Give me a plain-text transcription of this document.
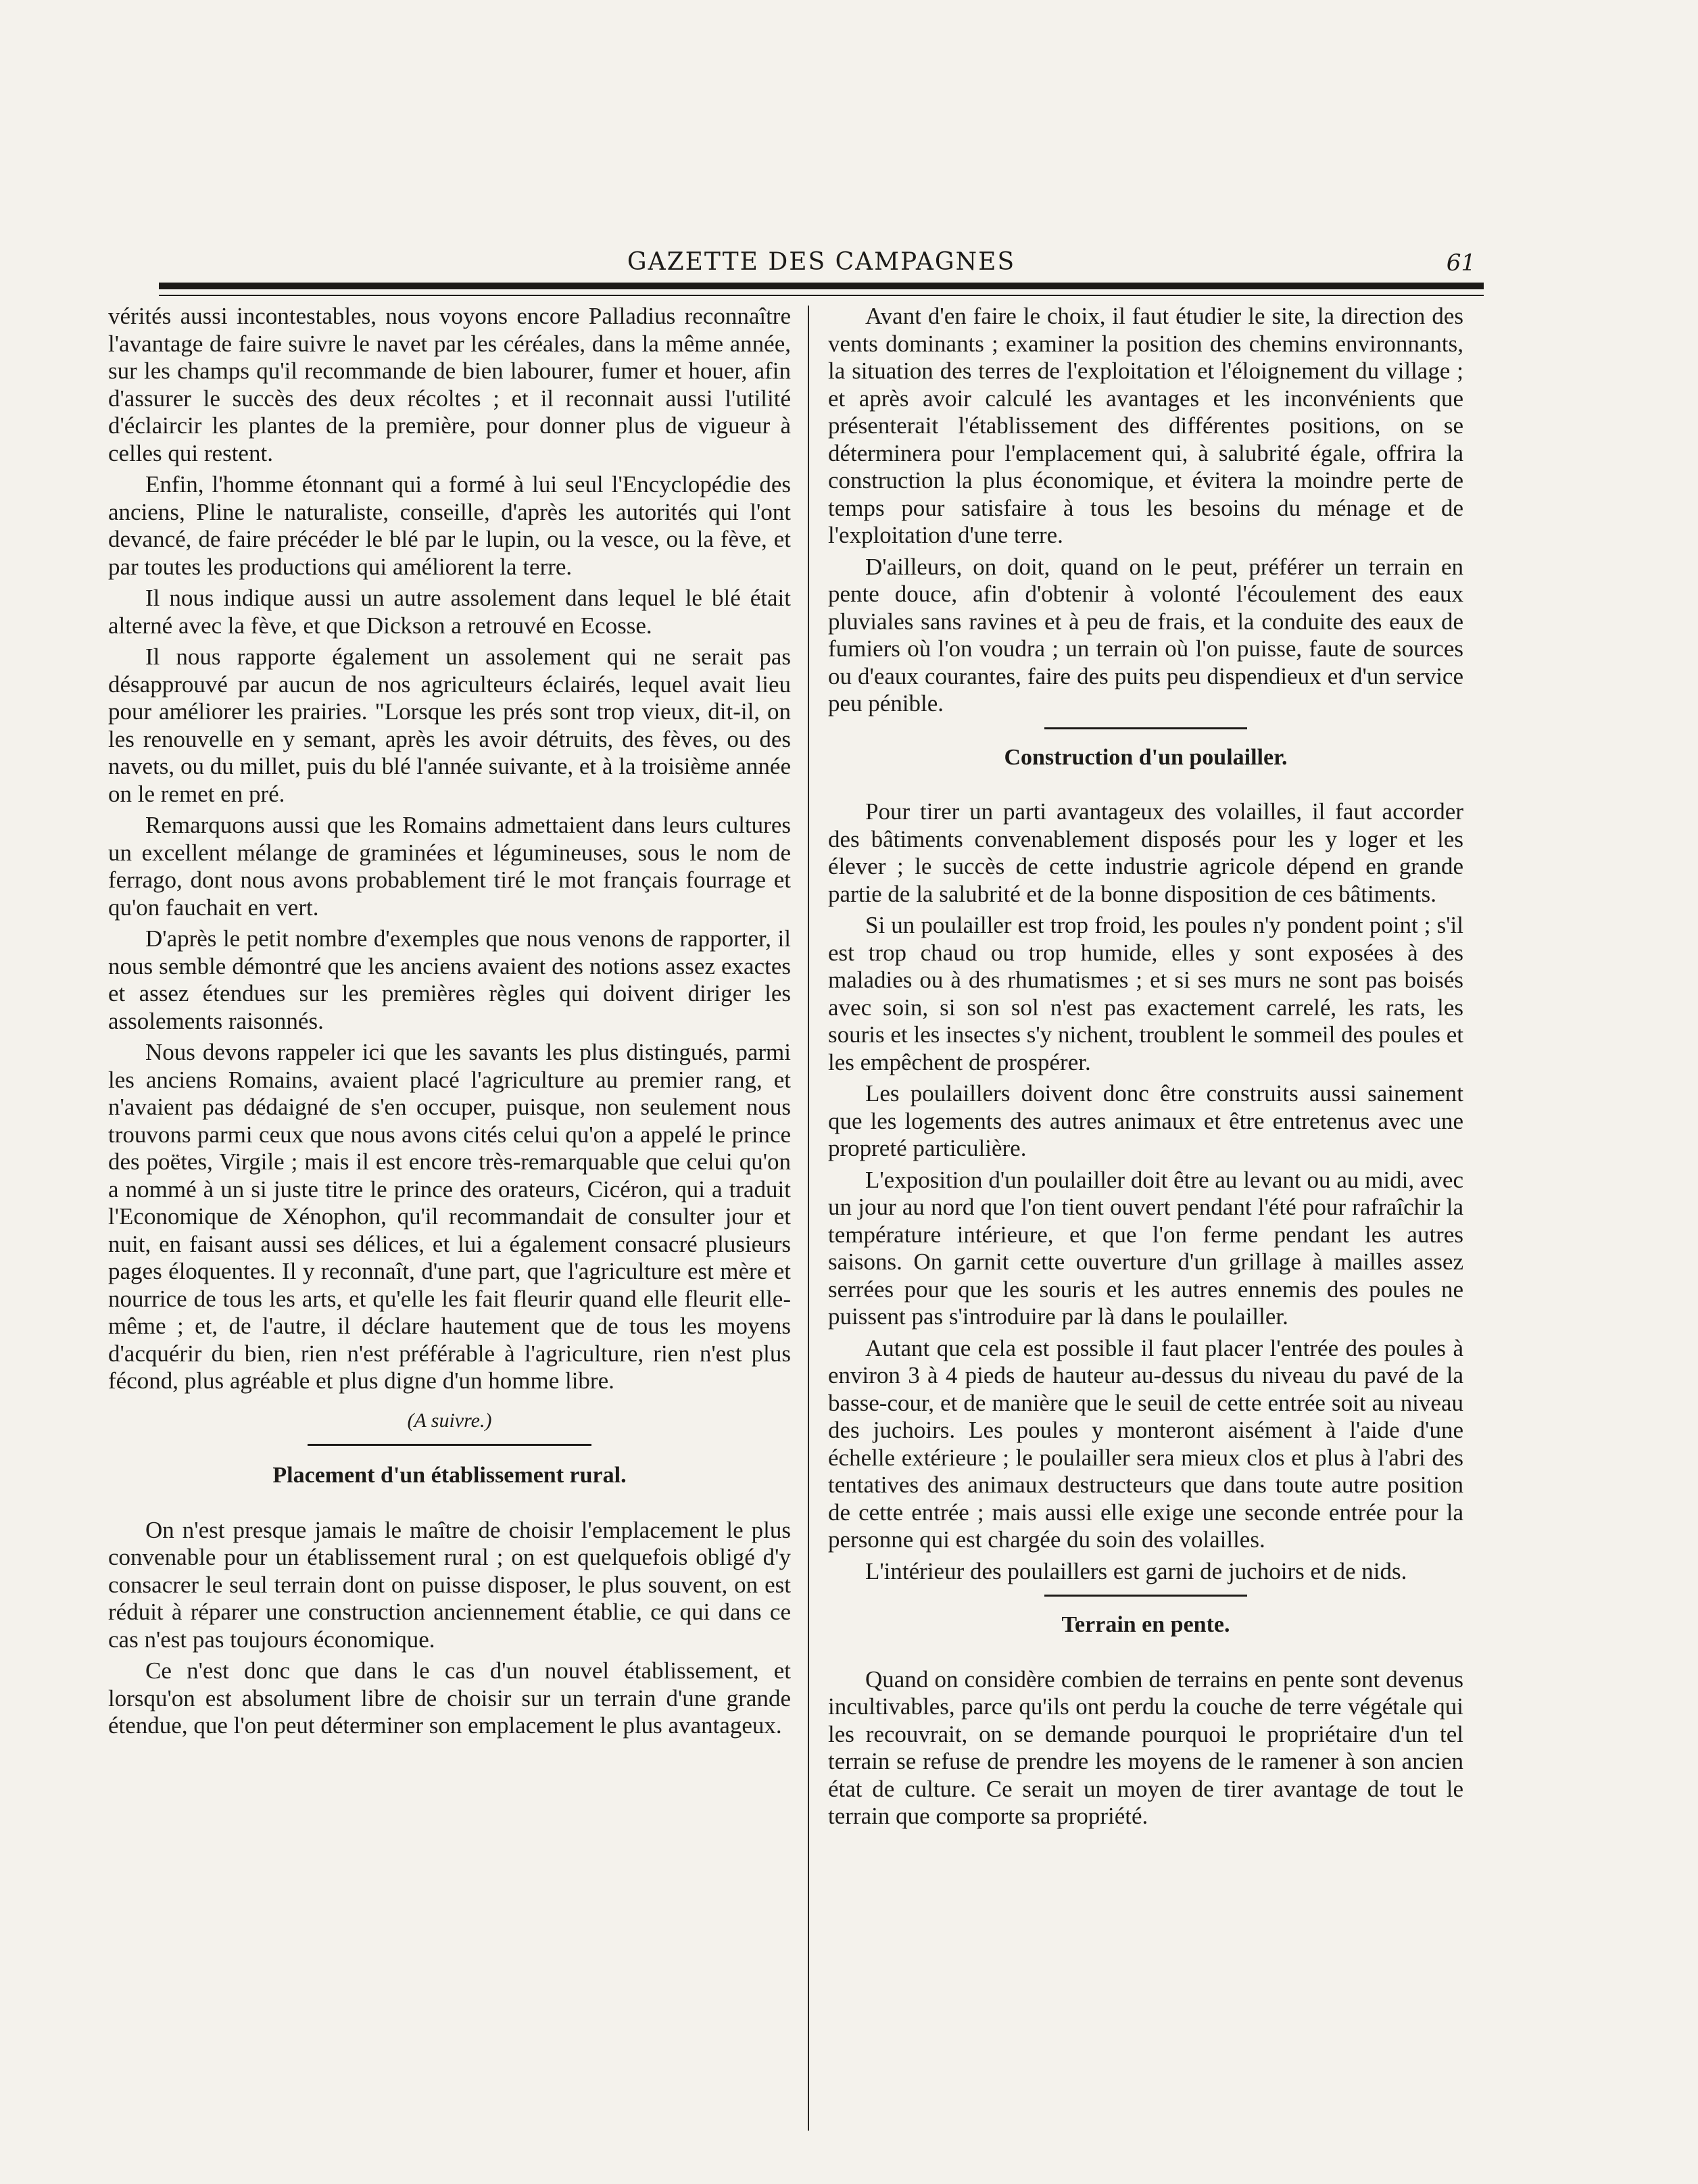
GAZETTE DES CAMPAGNES	61

vérités aussi incontestables, nous voyons encore Palladius reconnaître l'avantage de faire suivre le navet par les céréales, dans la même année, sur les champs qu'il recommande de bien labourer, fumer et houer, afin d'assurer le succès des deux récoltes ; et il reconnait aussi l'utilité d'éclaircir les plantes de la première, pour donner plus de vigueur à celles qui restent.

Enfin, l'homme étonnant qui a formé à lui seul l'Encyclopédie des anciens, Pline le naturaliste, conseille, d'après les autorités qui l'ont devancé, de faire précéder le blé par le lupin, ou la vesce, ou la fève, et par toutes les productions qui améliorent la terre.

Il nous indique aussi un autre assolement dans lequel le blé était alterné avec la fève, et que Dickson a retrouvé en Ecosse.

Il nous rapporte également un assolement qui ne serait pas désapprouvé par aucun de nos agriculteurs éclairés, lequel avait lieu pour améliorer les prairies. "Lorsque les prés sont trop vieux, dit-il, on les renouvelle en y semant, après les avoir détruits, des fèves, ou des navets, ou du millet, puis du blé l'année suivante, et à la troisième année on le remet en pré.

Remarquons aussi que les Romains admettaient dans leurs cultures un excellent mélange de graminées et légumineuses, sous le nom de ferrago, dont nous avons probablement tiré le mot français fourrage et qu'on fauchait en vert.

D'après le petit nombre d'exemples que nous venons de rapporter, il nous semble démontré que les anciens avaient des notions assez exactes et assez étendues sur les premières règles qui doivent diriger les assolements raisonnés.

Nous devons rappeler ici que les savants les plus distingués, parmi les anciens Romains, avaient placé l'agriculture au premier rang, et n'avaient pas dédaigné de s'en occuper, puisque, non seulement nous trouvons parmi ceux que nous avons cités celui qu'on a appelé le prince des poëtes, Virgile ; mais il est encore très-remarquable que celui qu'on a nommé à un si juste titre le prince des orateurs, Cicéron, qui a traduit l'Economique de Xénophon, qu'il recommandait de consulter jour et nuit, en faisant aussi ses délices, et lui a également consacré plusieurs pages éloquentes. Il y reconnaît, d'une part, que l'agriculture est mère et nourrice de tous les arts, et qu'elle les fait fleurir quand elle fleurit elle-même ; et, de l'autre, il déclare hautement que de tous les moyens d'acquérir du bien, rien n'est préférable à l'agriculture, rien n'est plus fécond, plus agréable et plus digne d'un homme libre.

(A suivre.)
Placement d'un établissement rural.

On n'est presque jamais le maître de choisir l'emplacement le plus convenable pour un établissement rural ; on est quelquefois obligé d'y consacrer le seul terrain dont on puisse disposer, le plus souvent, on est réduit à réparer une construction anciennement établie, ce qui dans ce cas n'est pas toujours économique.

Ce n'est donc que dans le cas d'un nouvel établissement, et lorsqu'on est absolument libre de choisir sur un terrain d'une grande étendue, que l'on peut déterminer son emplacement le plus avantageux.

Avant d'en faire le choix, il faut étudier le site, la direction des vents dominants ; examiner la position des chemins environnants, la situation des terres de l'exploitation et l'éloignement du village ; et après avoir calculé les avantages et les inconvénients que présenterait l'établissement des différentes positions, on se déterminera pour l'emplacement qui, à salubrité égale, offrira la construction la plus économique, et évitera la moindre perte de temps pour satisfaire à tous les besoins du ménage et de l'exploitation d'une terre.

D'ailleurs, on doit, quand on le peut, préférer un terrain en pente douce, afin d'obtenir à volonté l'écoulement des eaux pluviales sans ravines et à peu de frais, et la conduite des eaux de fumiers où l'on voudra ; un terrain où l'on puisse, faute de sources ou d'eaux courantes, faire des puits peu dispendieux et d'un service peu pénible.

Construction d'un poulailler.

Pour tirer un parti avantageux des volailles, il faut accorder des bâtiments convenablement disposés pour les y loger et les élever ; le succès de cette industrie agricole dépend en grande partie de la salubrité et de la bonne disposition de ces bâtiments.

Si un poulailler est trop froid, les poules n'y pondent point ; s'il est trop chaud ou trop humide, elles y sont exposées à des maladies ou à des rhumatismes ; et si ses murs ne sont pas boisés avec soin, si son sol n'est pas exactement carrelé, les rats, les souris et les insectes s'y nichent, troublent le sommeil des poules et les empêchent de prospérer.

Les poulaillers doivent donc être construits aussi sainement que les logements des autres animaux et être entretenus avec une propreté particulière.

L'exposition d'un poulailler doit être au levant ou au midi, avec un jour au nord que l'on tient ouvert pendant l'été pour rafraîchir la température intérieure, et que l'on ferme pendant les autres saisons. On garnit cette ouverture d'un grillage à mailles assez serrées pour que les souris et les autres ennemis des poules ne puissent pas s'introduire par là dans le poulailler.

Autant que cela est possible il faut placer l'entrée des poules à environ 3 à 4 pieds de hauteur au-dessus du niveau du pavé de la basse-cour, et de manière que le seuil de cette entrée soit au niveau des juchoirs. Les poules y monteront aisément à l'aide d'une échelle extérieure ; le poulailler sera mieux clos et plus à l'abri des tentatives des animaux destructeurs que dans toute autre position de cette entrée ; mais aussi elle exige une seconde entrée pour la personne qui est chargée du soin des volailles.

L'intérieur des poulaillers est garni de juchoirs et de nids.

Terrain en pente.

Quand on considère combien de terrains en pente sont devenus incultivables, parce qu'ils ont perdu la couche de terre végétale qui les recouvrait, on se demande pourquoi le propriétaire d'un tel terrain se refuse de prendre les moyens de le ramener à son ancien état de culture. Ce serait un moyen de tirer avantage de tout le terrain que comporte sa propriété.
